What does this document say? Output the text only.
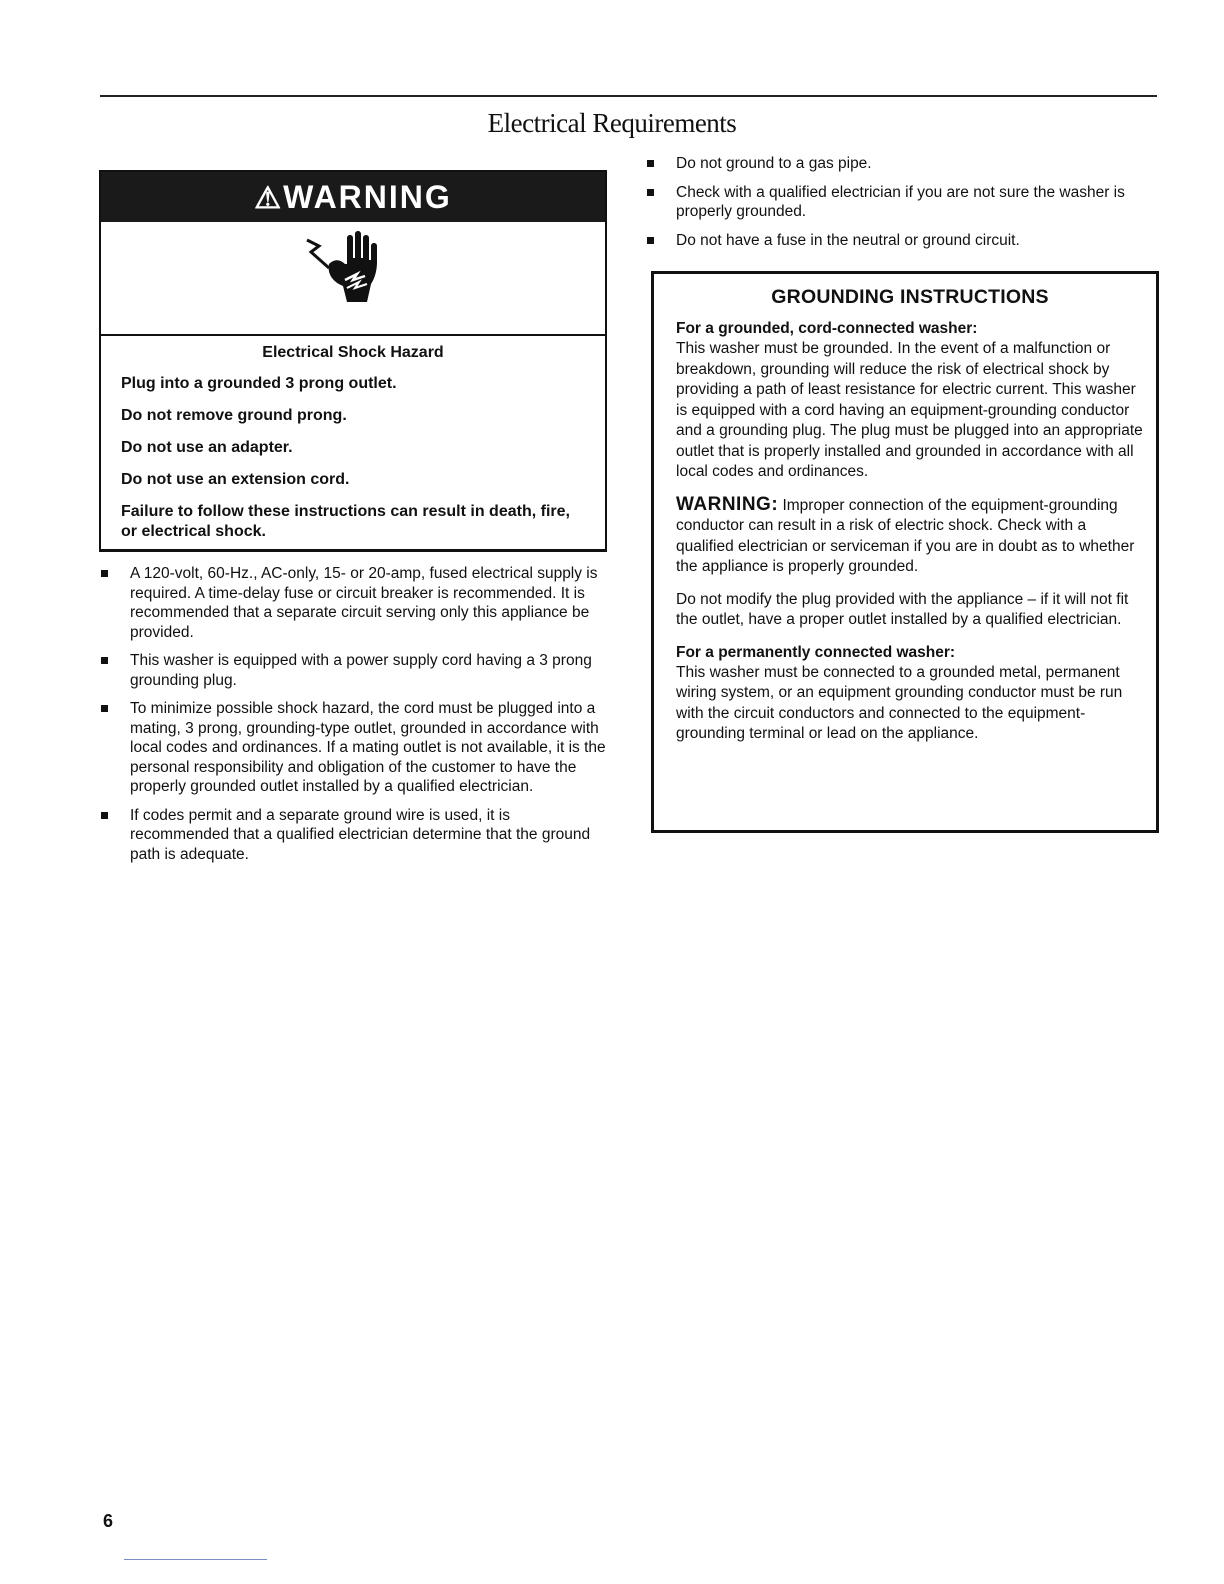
Electrical Requirements
⚠WARNING
Electrical Shock Hazard
Plug into a grounded 3 prong outlet.
Do not remove ground prong.
Do not use an adapter.
Do not use an extension cord.
Failure to follow these instructions can result in death, fire, or electrical shock.
A 120-volt, 60-Hz., AC-only, 15- or 20-amp, fused electrical supply is required. A time-delay fuse or circuit breaker is recommended. It is recommended that a separate circuit serving only this appliance be provided.
This washer is equipped with a power supply cord having a 3 prong grounding plug.
To minimize possible shock hazard, the cord must be plugged into a mating, 3 prong, grounding-type outlet, grounded in accordance with local codes and ordinances. If a mating outlet is not available, it is the personal responsibility and obligation of the customer to have the properly grounded outlet installed by a qualified electrician.
If codes permit and a separate ground wire is used, it is recommended that a qualified electrician determine that the ground path is adequate.
Do not ground to a gas pipe.
Check with a qualified electrician if you are not sure the washer is properly grounded.
Do not have a fuse in the neutral or ground circuit.
GROUNDING INSTRUCTIONS
For a grounded, cord-connected washer:

This washer must be grounded. In the event of a malfunction or breakdown, grounding will reduce the risk of electrical shock by providing a path of least resistance for electric current. This washer is equipped with a cord having an equipment-grounding conductor and a grounding plug. The plug must be plugged into an appropriate outlet that is properly installed and grounded in accordance with all local codes and ordinances.

WARNING: Improper connection of the equipment-grounding conductor can result in a risk of electric shock. Check with a qualified electrician or serviceman if you are in doubt as to whether the appliance is properly grounded.

Do not modify the plug provided with the appliance – if it will not fit the outlet, have a proper outlet installed by a qualified electrician.

For a permanently connected washer:

This washer must be connected to a grounded metal, permanent wiring system, or an equipment grounding conductor must be run with the circuit conductors and connected to the equipment-grounding terminal or lead on the appliance.

6
